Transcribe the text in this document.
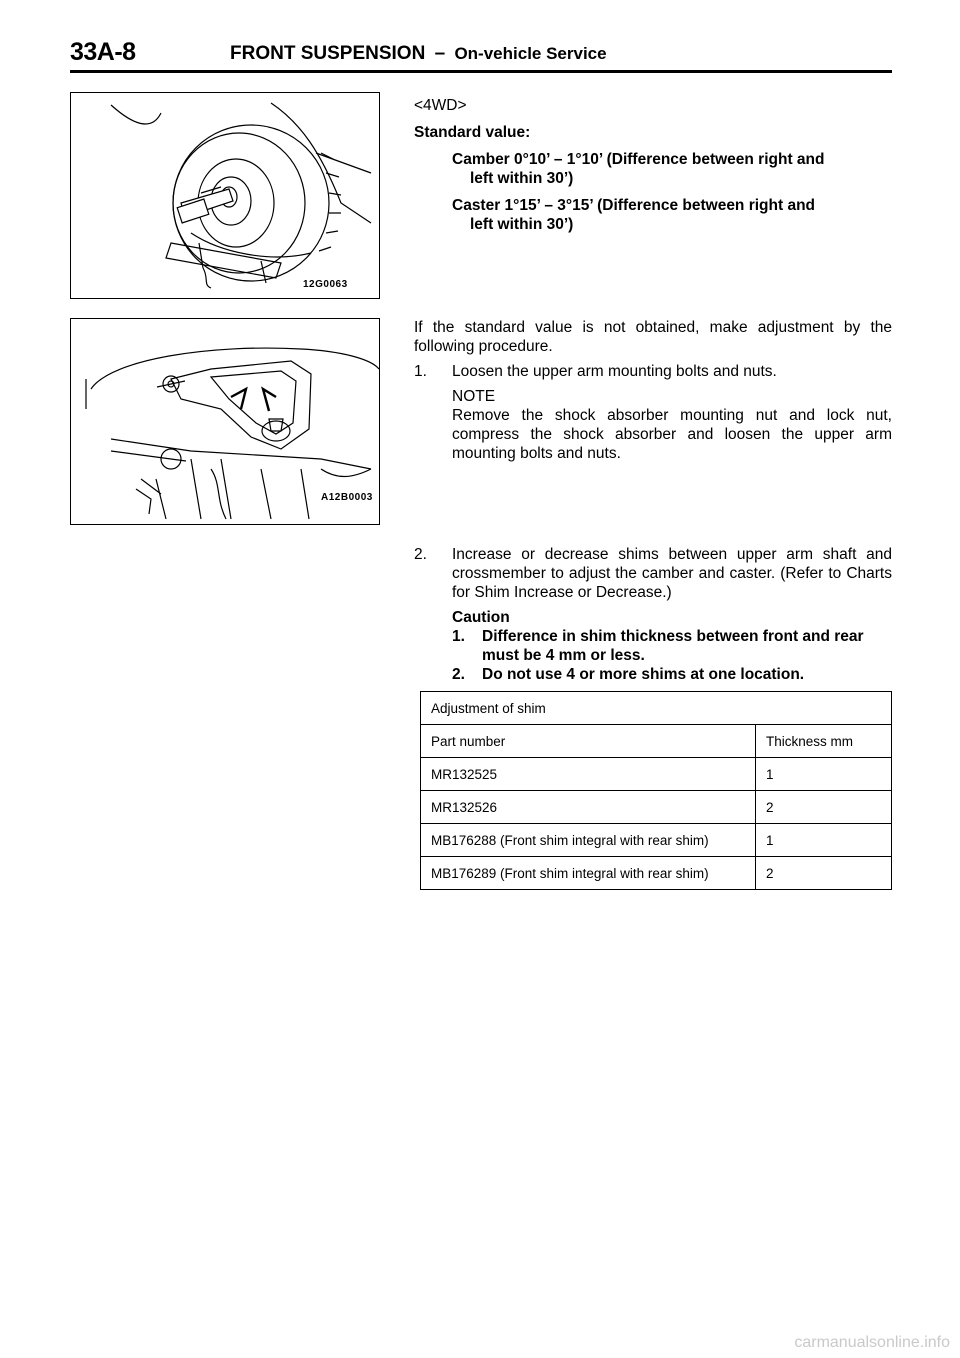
33A-8	FRONT SUSPENSION – On-vehicle Service
12G0063
A12B0003

<4WD>

Standard value:

Camber 0°10’ – 1°10’ (Difference between right and
left within 30’)

Caster 1°15’ – 3°15’ (Difference between right and
left within 30’)

If the standard value is not obtained, make adjustment by the following procedure.

1. Loosen the upper arm mounting bolts and nuts.

NOTE

Remove the shock absorber mounting nut and lock nut, compress the shock absorber and loosen the upper arm mounting bolts and nuts.

2. Increase or decrease shims between upper arm shaft and crossmember to adjust the camber and caster. (Refer to Charts for Shim Increase or Decrease.)

Caution

1. Difference in shim thickness between front and rear must be 4 mm or less.
2. Do not use 4 or more shims at one location.
Adjustment of shim	
Part number	Thickness mm
MR132525	1
MR132526	2
MB176288 (Front shim integral with rear shim)	1
MB176289 (Front shim integral with rear shim)	2
carmanualsonline.info
